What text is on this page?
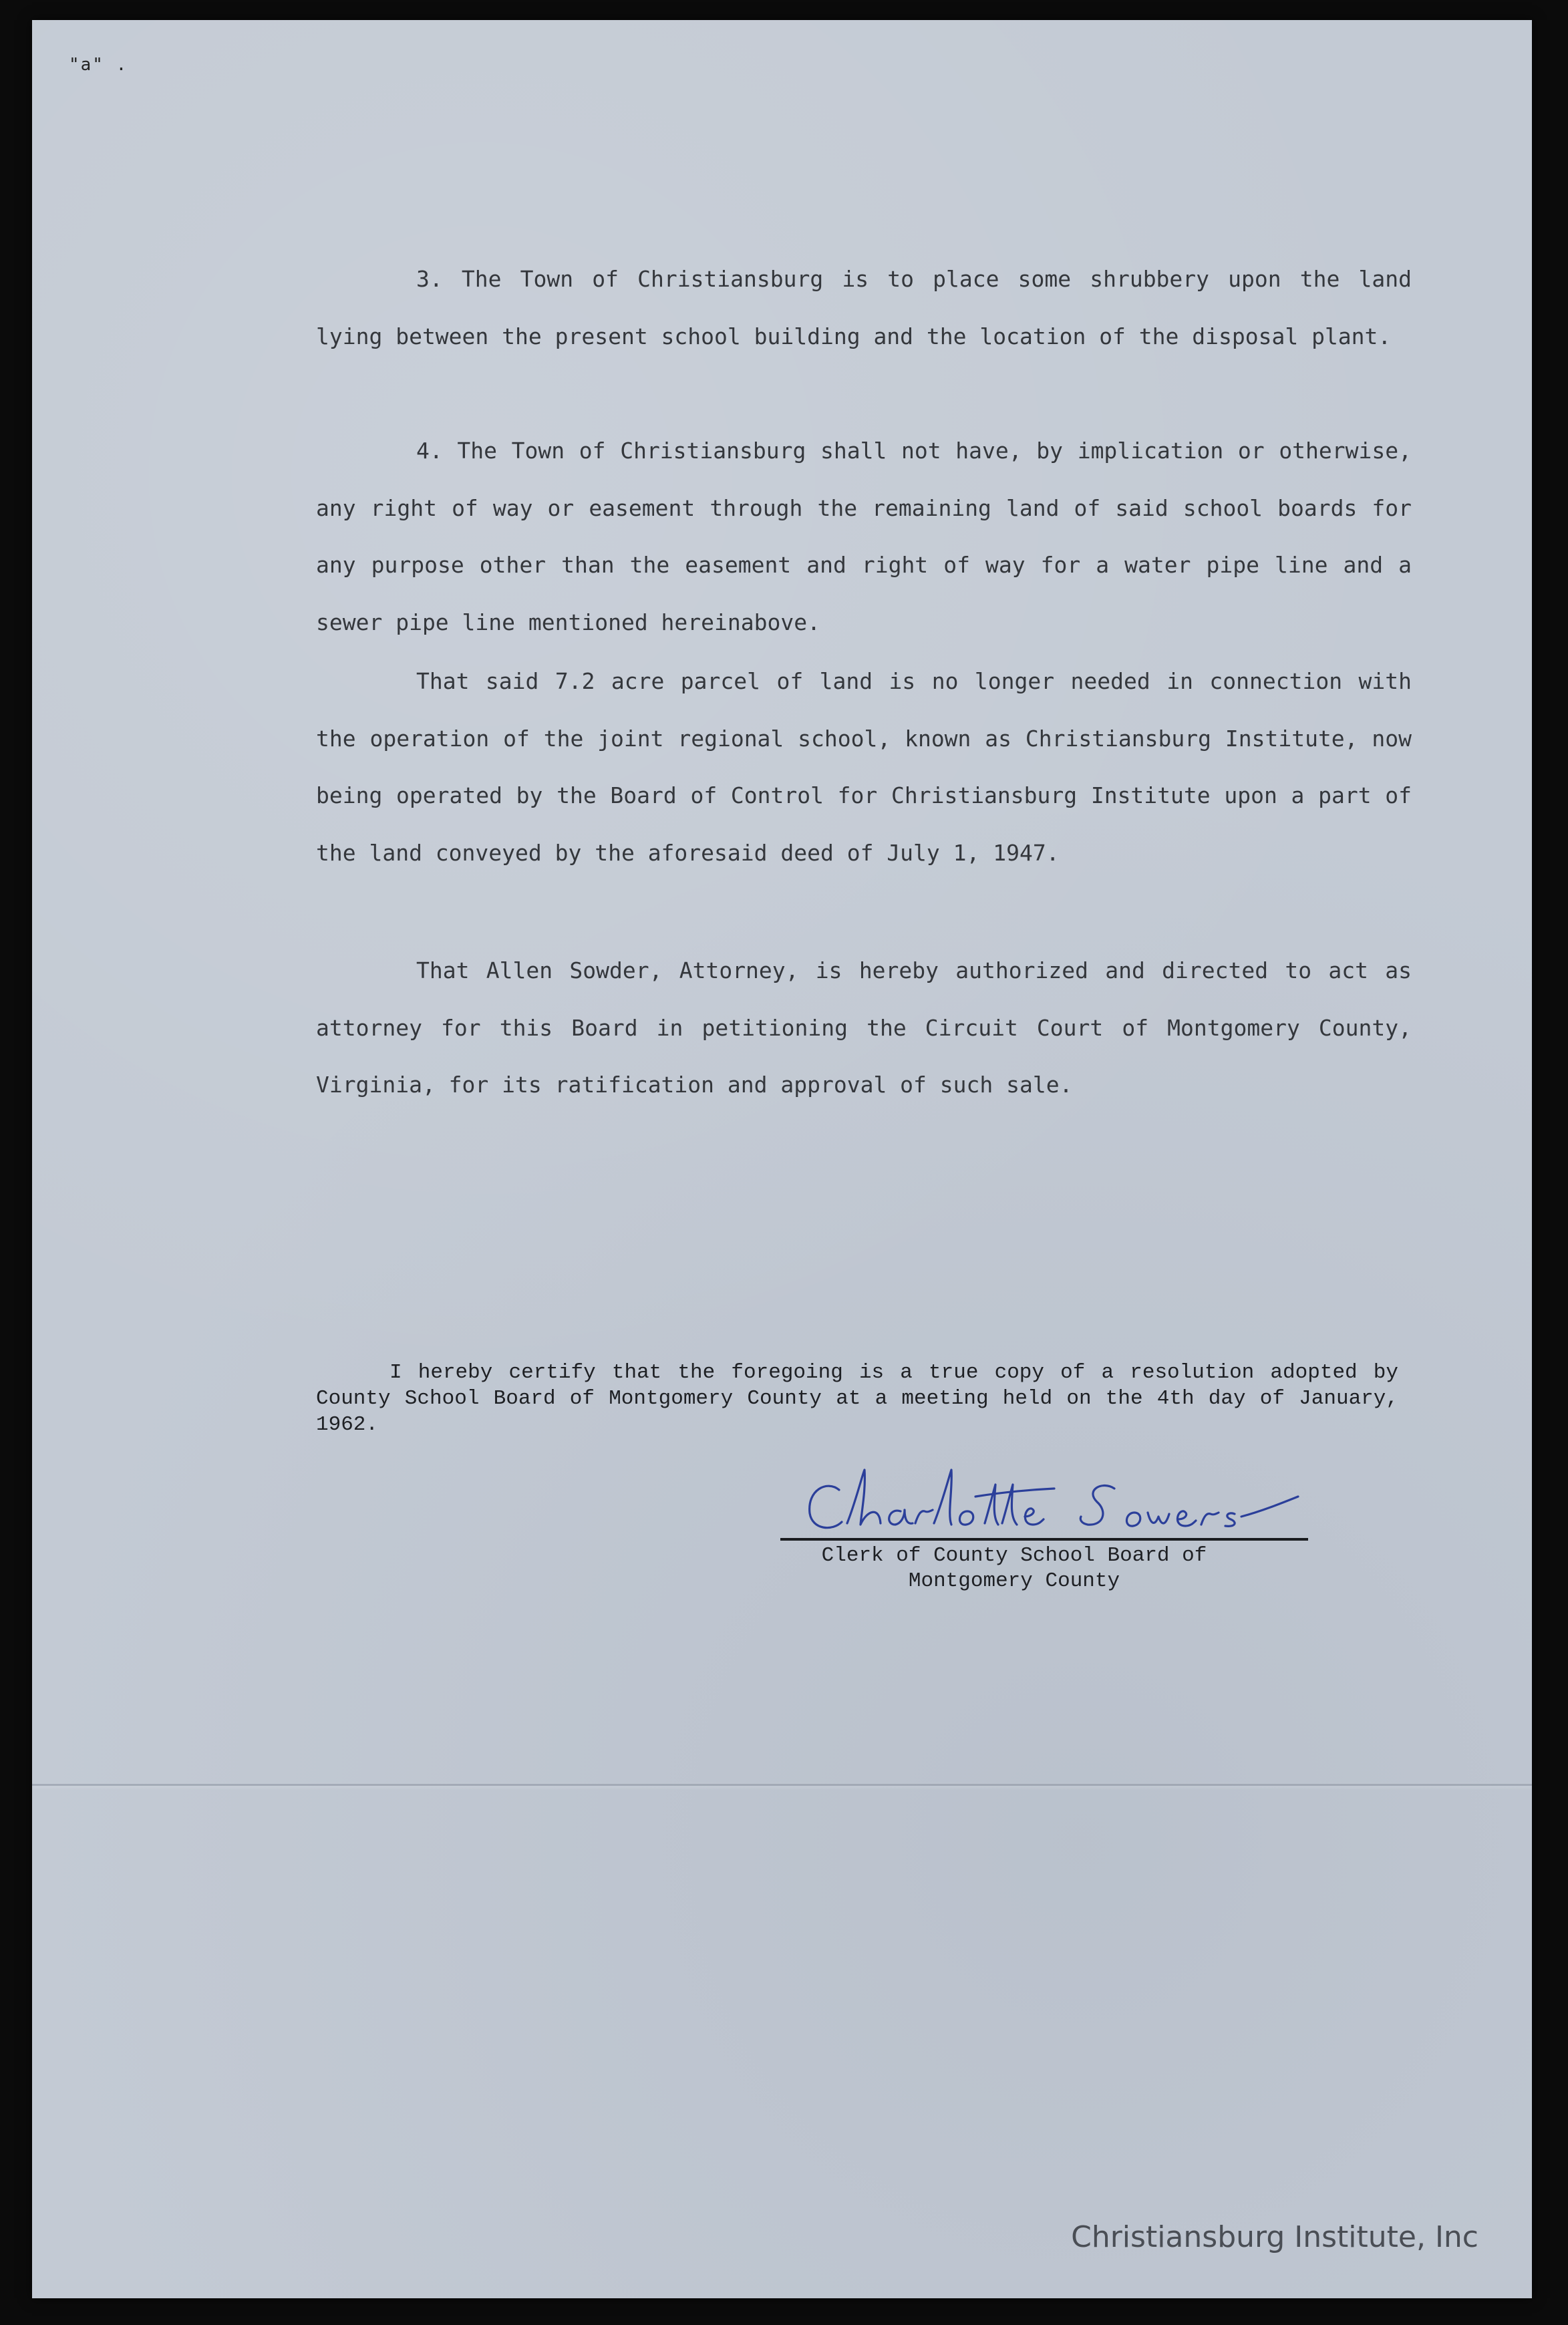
"a" .

3. The Town of Christiansburg is to place some shrubbery upon the land lying between the present school building and the location of the disposal plant.

4. The Town of Christiansburg shall not have, by implication or otherwise, any right of way or easement through the remaining land of said school boards for any purpose other than the easement and right of way for a water pipe line and a sewer pipe line mentioned hereinabove.

That said 7.2 acre parcel of land is no longer needed in connection with the operation of the joint regional school, known as Christiansburg Institute, now being operated by the Board of Control for Christiansburg Institute upon a part of the land conveyed by the aforesaid deed of July 1, 1947.

That Allen Sowder, Attorney, is hereby authorized and directed to act as attorney for this Board in petitioning the Circuit Court of Montgomery County, Virginia, for its ratification and approval of such sale.

I hereby certify that the foregoing is a true copy of a resolution adopted by County School Board of Montgomery County at a meeting held on the 4th day of January, 1962.

Clerk of County School Board of
Montgomery County
Christiansburg Institute, Inc
